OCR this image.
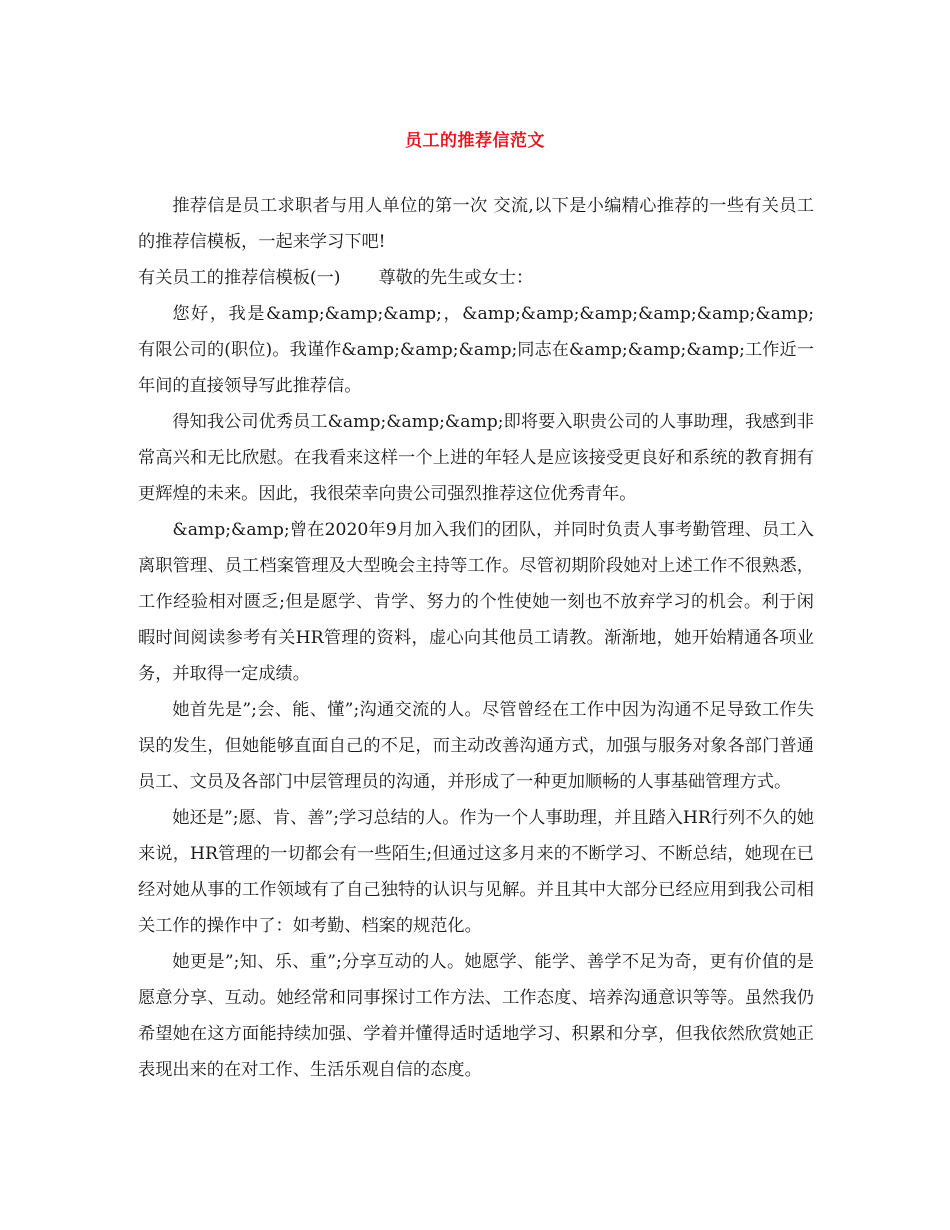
员工的推荐信范文

推荐信是员工求职者与用人单位的第一次 交流,以下是小编精心推荐的一些有关员工的推荐信模板，一起来学习下吧!

有关员工的推荐信模板(一) 尊敬的先生或女士：

您好，我是&amp;&amp;&amp;，&amp;&amp;&amp;&amp;&amp;&amp;有限公司的(职位)。我谨作&amp;&amp;&amp;同志在&amp;&amp;&amp;工作近一年间的直接领导写此推荐信。

得知我公司优秀员工&amp;&amp;&amp;即将要入职贵公司的人事助理，我感到非常高兴和无比欣慰。在我看来这样一个上进的年轻人是应该接受更良好和系统的教育拥有更辉煌的未来。因此，我很荣幸向贵公司强烈推荐这位优秀青年。

&amp;&amp;曾在2020年9月加入我们的团队，并同时负责人事考勤管理、员工入离职管理、员工档案管理及大型晚会主持等工作。尽管初期阶段她对上述工作不很熟悉，工作经验相对匮乏;但是愿学、肯学、努力的个性使她一刻也不放弃学习的机会。利于闲暇时间阅读参考有关HR管理的资料，虚心向其他员工请教。渐渐地，她开始精通各项业务，并取得一定成绩。

她首先是”;会、能、懂”;沟通交流的人。尽管曾经在工作中因为沟通不足导致工作失误的发生，但她能够直面自己的不足，而主动改善沟通方式，加强与服务对象各部门普通员工、文员及各部门中层管理员的沟通，并形成了一种更加顺畅的人事基础管理方式。

她还是”;愿、肯、善”;学习总结的人。作为一个人事助理，并且踏入HR行列不久的她来说，HR管理的一切都会有一些陌生;但通过这多月来的不断学习、不断总结，她现在已经对她从事的工作领域有了自己独特的认识与见解。并且其中大部分已经应用到我公司相关工作的操作中了：如考勤、档案的规范化。

她更是”;知、乐、重”;分享互动的人。她愿学、能学、善学不足为奇，更有价值的是愿意分享、互动。她经常和同事探讨工作方法、工作态度、培养沟通意识等等。虽然我仍希望她在这方面能持续加强、学着并懂得适时适地学习、积累和分享，但我依然欣赏她正表现出来的在对工作、生活乐观自信的态度。
